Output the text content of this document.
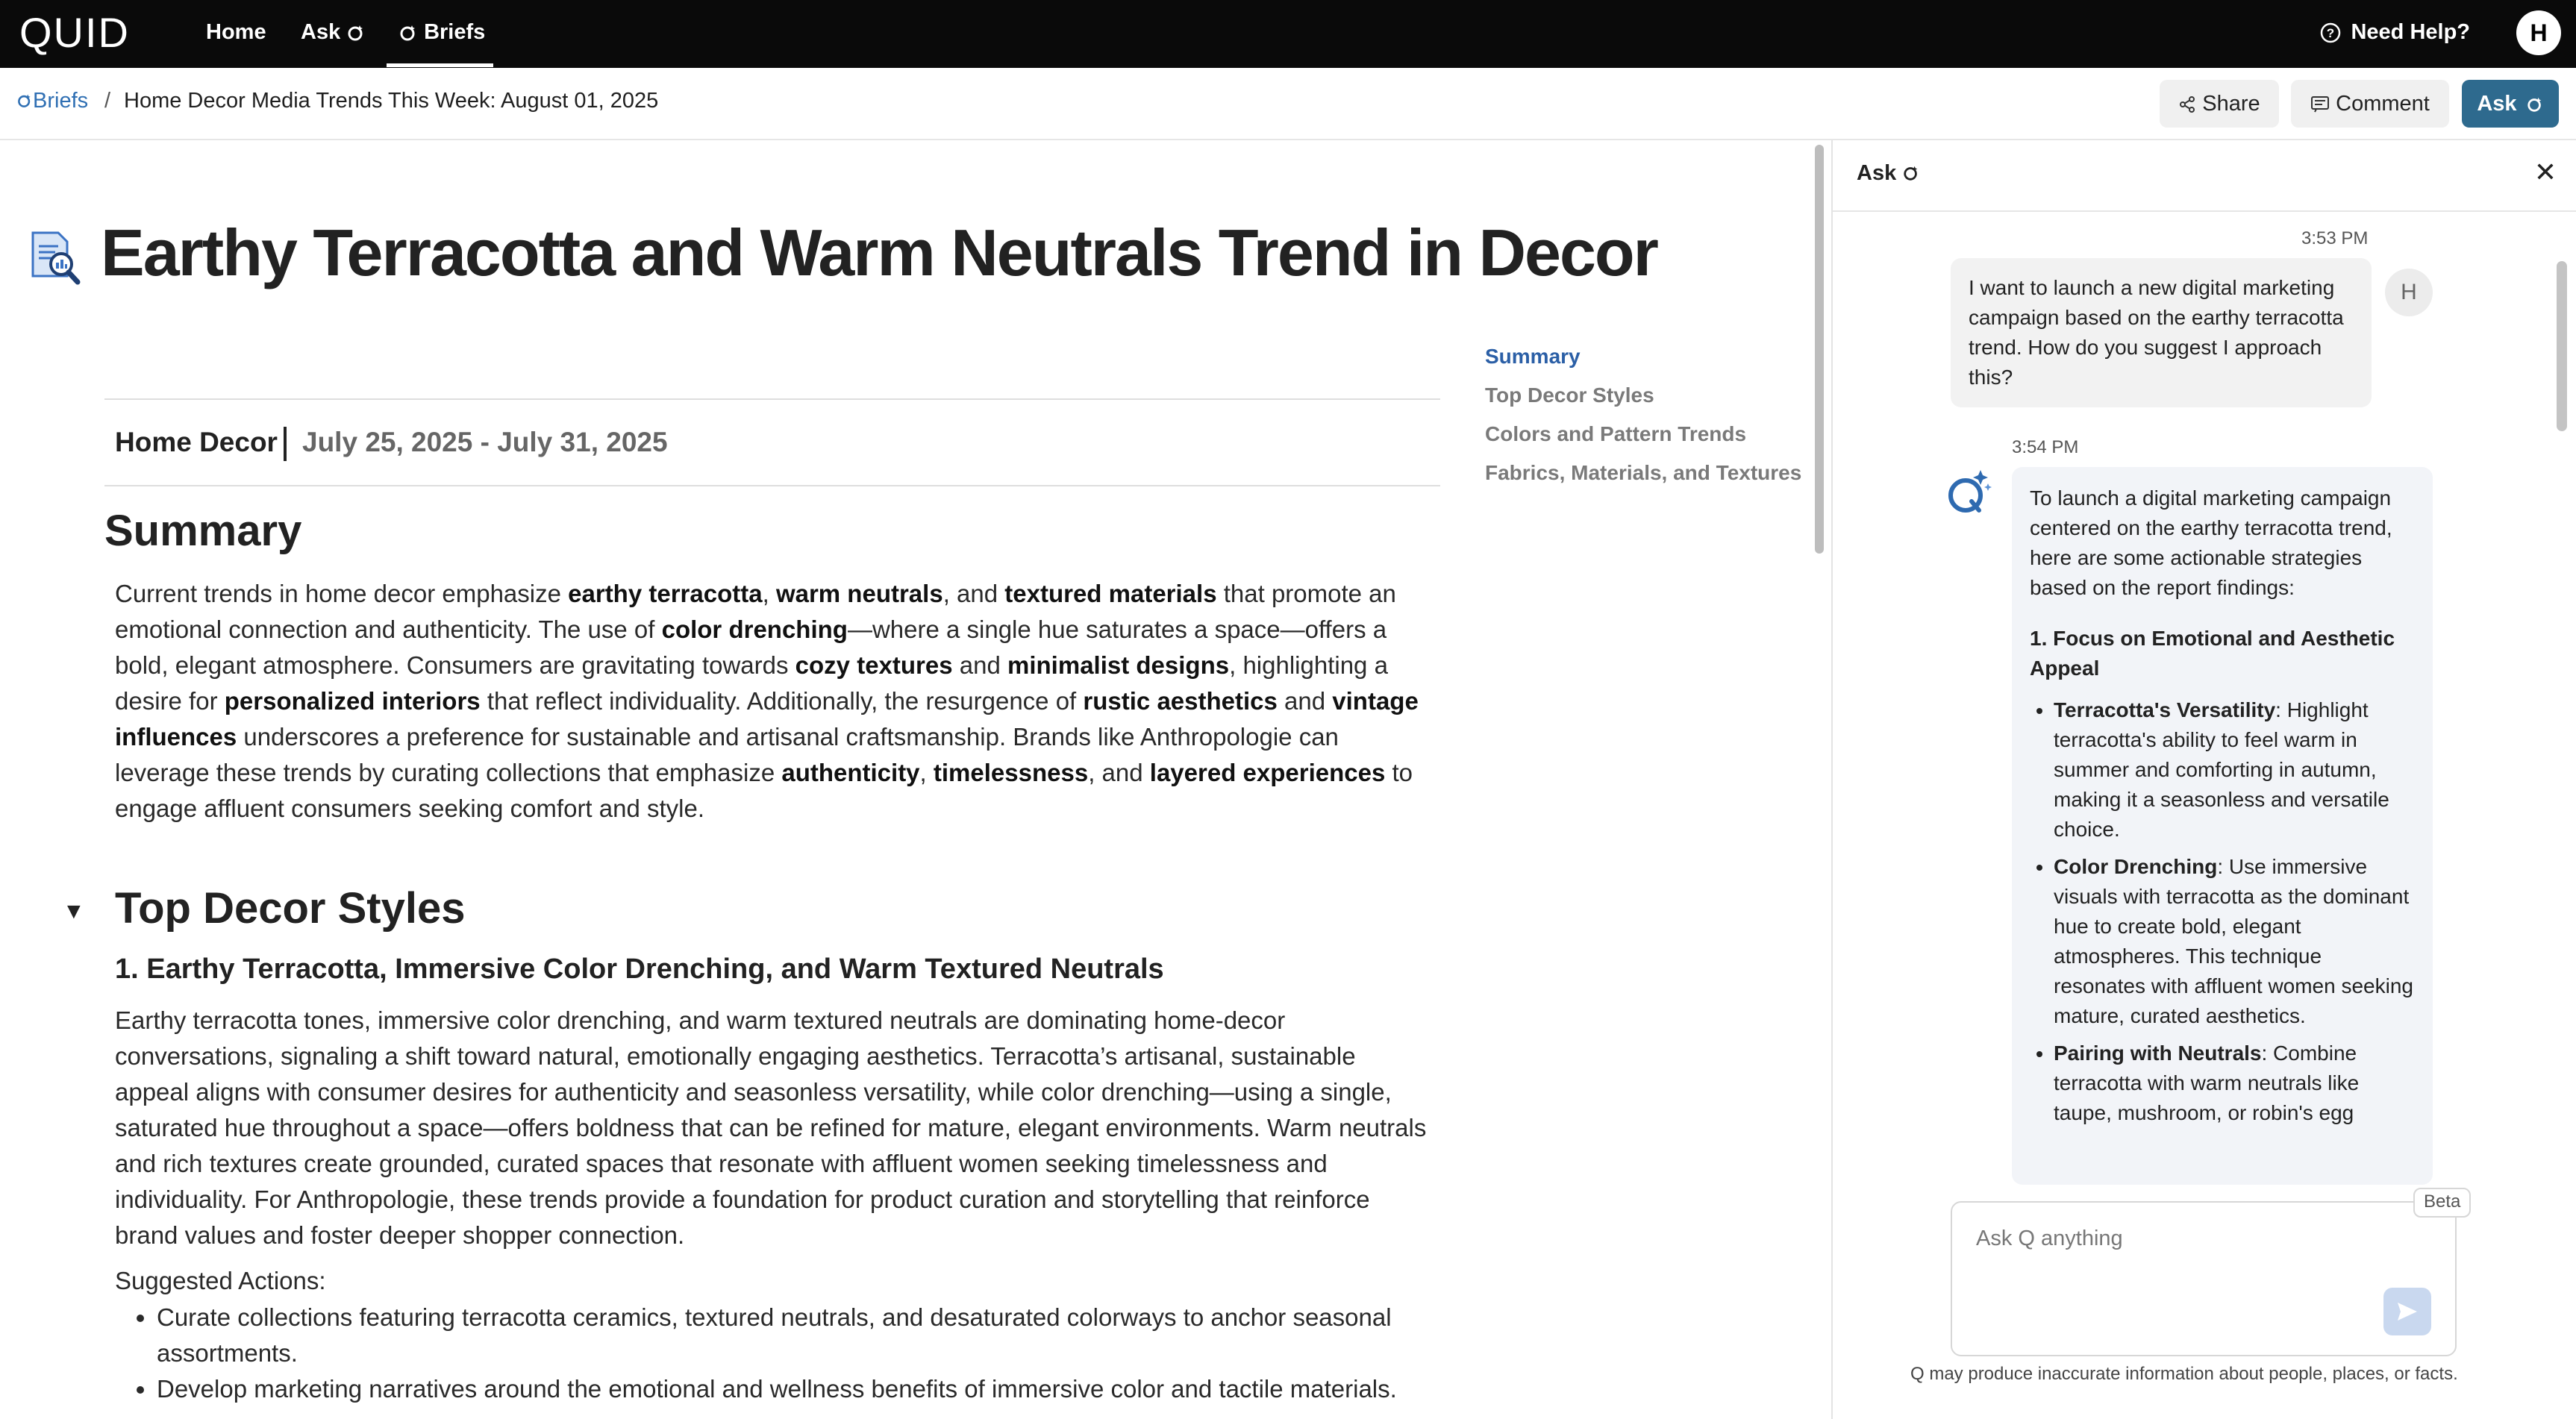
QUID	Home Ask	Briefs	? Need Help?	H
Briefs / Home Decor Media Trends This Week: August 01, 2025	Share	Comment	Ask
Earthy Terracotta and Warm Neutrals Trend in Decor
Home Decor July 25, 2025 - July 31, 2025
Summary
Current trends in home decor emphasize earthy terracotta, warm neutrals, and textured materials that promote an emotional connection and authenticity. The use of color drenching—where a single hue saturates a space—offers a bold, elegant atmosphere. Consumers are gravitating towards cozy textures and minimalist designs, highlighting a desire for personalized interiors that reflect individuality. Additionally, the resurgence of rustic aesthetics and vintage influences underscores a preference for sustainable and artisanal craftsmanship. Brands like Anthropologie can leverage these trends by curating collections that emphasize authenticity, timelessness, and layered experiences to engage affluent consumers seeking comfort and style.
▼ Top Decor Styles
1. Earthy Terracotta, Immersive Color Drenching, and Warm Textured Neutrals
Earthy terracotta tones, immersive color drenching, and warm textured neutrals are dominating home-decor conversations, signaling a shift toward natural, emotionally engaging aesthetics. Terracotta’s artisanal, sustainable appeal aligns with consumer desires for authenticity and seasonless versatility, while color drenching—using a single, saturated hue throughout a space—offers boldness that can be refined for mature, elegant environments. Warm neutrals and rich textures create grounded, curated spaces that resonate with affluent women seeking timelessness and individuality. For Anthropologie, these trends provide a foundation for product curation and storytelling that reinforce brand values and foster deeper shopper connection.
Suggested Actions:
• Curate collections featuring terracotta ceramics, textured neutrals, and desaturated colorways to anchor seasonal assortments.
• Develop marketing narratives around the emotional and wellness benefits of immersive color and tactile materials.
Summary
Top Decor Styles
Colors and Pattern Trends
Fabrics, Materials, and Textures
Ask	✕
3:53 PM
I want to launch a new digital marketing campaign based on the earthy terracotta trend. How do you suggest I approach this?
H
3:54 PM
To launch a digital marketing campaign centered on the earthy terracotta trend, here are some actionable strategies based on the report findings:
1. Focus on Emotional and Aesthetic Appeal
• Terracotta's Versatility: Highlight terracotta's ability to feel warm in summer and comforting in autumn, making it a seasonless and versatile choice.
• Color Drenching: Use immersive visuals with terracotta as the dominant hue to create bold, elegant atmospheres. This technique resonates with affluent women seeking mature, curated aesthetics.
• Pairing with Neutrals: Combine terracotta with warm neutrals like taupe, mushroom, or robin's egg
Ask Q anything
Beta
Q may produce inaccurate information about people, places, or facts.
